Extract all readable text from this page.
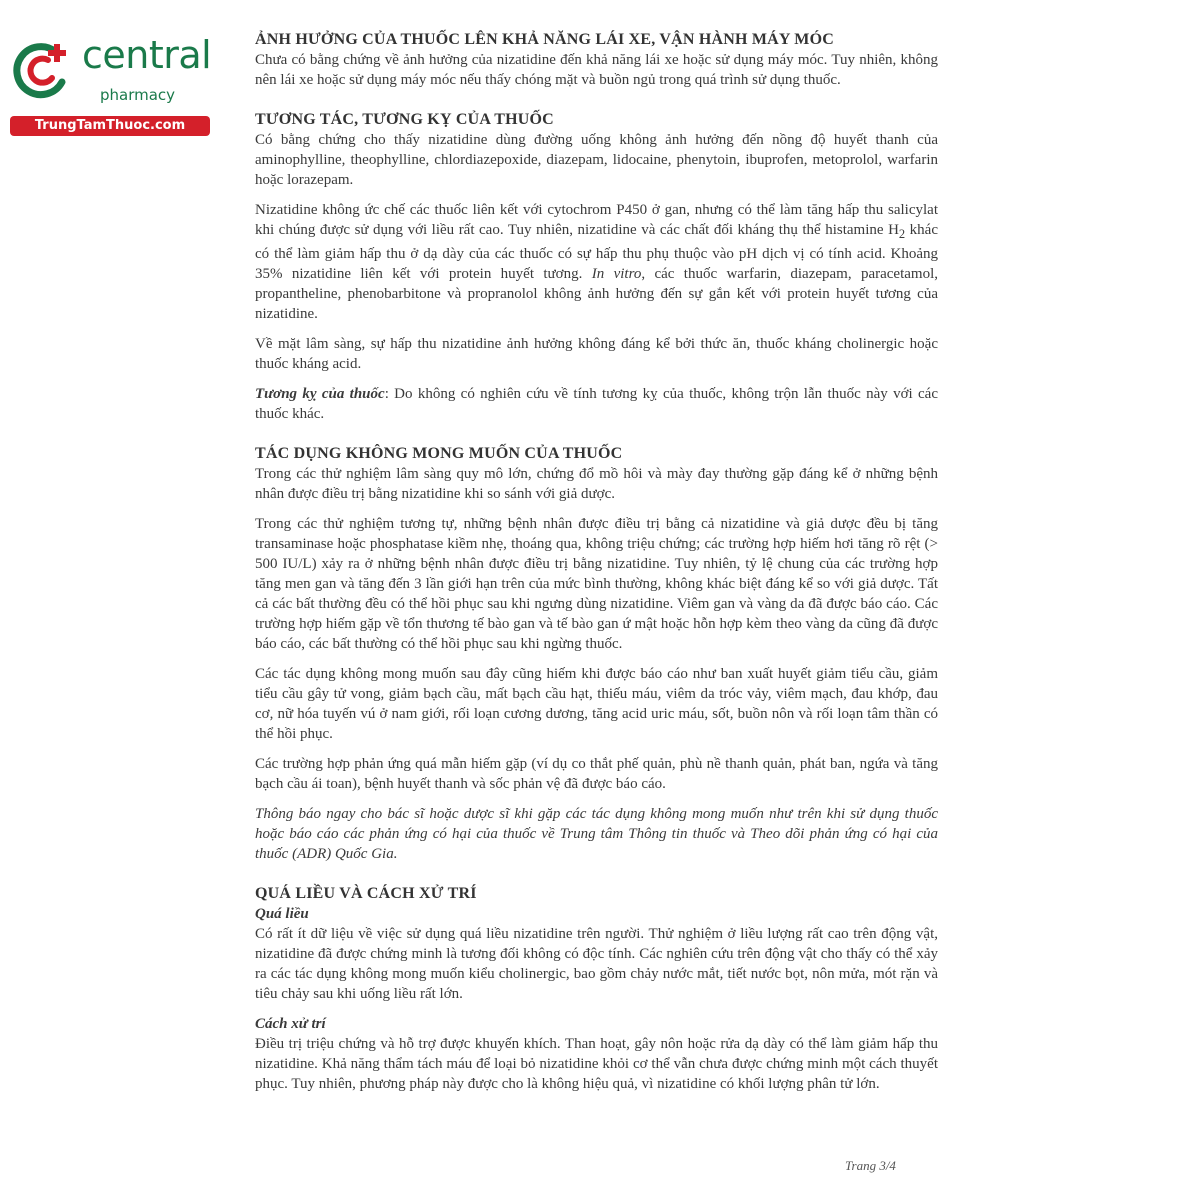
central
pharmacy
TrungTamThuoc.com
ẢNH HƯỞNG CỦA THUỐC LÊN KHẢ NĂNG LÁI XE, VẬN HÀNH MÁY MÓC

Chưa có bằng chứng về ảnh hưởng của nizatidine đến khả năng lái xe hoặc sử dụng máy móc. Tuy nhiên, không nên lái xe hoặc sử dụng máy móc nếu thấy chóng mặt và buồn ngủ trong quá trình sử dụng thuốc.

TƯƠNG TÁC, TƯƠNG KỴ CỦA THUỐC

Có bằng chứng cho thấy nizatidine dùng đường uống không ảnh hưởng đến nồng độ huyết thanh của aminophylline, theophylline, chlordiazepoxide, diazepam, lidocaine, phenytoin, ibuprofen, metoprolol, warfarin hoặc lorazepam.

Nizatidine không ức chế các thuốc liên kết với cytochrom P450 ở gan, nhưng có thể làm tăng hấp thu salicylat khi chúng được sử dụng với liều rất cao. Tuy nhiên, nizatidine và các chất đối kháng thụ thể histamine $H_2$ khác có thể làm giảm hấp thu ở dạ dày của các thuốc có sự hấp thu phụ thuộc vào pH dịch vị có tính acid. Khoảng 35% nizatidine liên kết với protein huyết tương. In vitro, các thuốc warfarin, diazepam, paracetamol, propantheline, phenobarbitone và propranolol không ảnh hưởng đến sự gắn kết với protein huyết tương của nizatidine.

Về mặt lâm sàng, sự hấp thu nizatidine ảnh hưởng không đáng kể bởi thức ăn, thuốc kháng cholinergic hoặc thuốc kháng acid.

Tương kỵ của thuốc: Do không có nghiên cứu về tính tương kỵ của thuốc, không trộn lẫn thuốc này với các thuốc khác.

TÁC DỤNG KHÔNG MONG MUỐN CỦA THUỐC

Trong các thử nghiệm lâm sàng quy mô lớn, chứng đổ mồ hôi và mày đay thường gặp đáng kể ở những bệnh nhân được điều trị bằng nizatidine khi so sánh với giả dược.

Trong các thử nghiệm tương tự, những bệnh nhân được điều trị bằng cả nizatidine và giả dược đều bị tăng transaminase hoặc phosphatase kiềm nhẹ, thoáng qua, không triệu chứng; các trường hợp hiếm hơi tăng rõ rệt (> 500 IU/L) xảy ra ở những bệnh nhân được điều trị bằng nizatidine. Tuy nhiên, tỷ lệ chung của các trường hợp tăng men gan và tăng đến 3 lần giới hạn trên của mức bình thường, không khác biệt đáng kể so với giả dược. Tất cả các bất thường đều có thể hồi phục sau khi ngưng dùng nizatidine. Viêm gan và vàng da đã được báo cáo. Các trường hợp hiếm gặp về tổn thương tế bào gan và tế bào gan ứ mật hoặc hỗn hợp kèm theo vàng da cũng đã được báo cáo, các bất thường có thể hồi phục sau khi ngừng thuốc.

Các tác dụng không mong muốn sau đây cũng hiếm khi được báo cáo như ban xuất huyết giảm tiểu cầu, giảm tiểu cầu gây tử vong, giảm bạch cầu, mất bạch cầu hạt, thiếu máu, viêm da tróc vảy, viêm mạch, đau khớp, đau cơ, nữ hóa tuyến vú ở nam giới, rối loạn cương dương, tăng acid uric máu, sốt, buồn nôn và rối loạn tâm thần có thể hồi phục.

Các trường hợp phản ứng quá mẫn hiếm gặp (ví dụ co thắt phế quản, phù nề thanh quản, phát ban, ngứa và tăng bạch cầu ái toan), bệnh huyết thanh và sốc phản vệ đã được báo cáo.

Thông báo ngay cho bác sĩ hoặc dược sĩ khi gặp các tác dụng không mong muốn như trên khi sử dụng thuốc hoặc báo cáo các phản ứng có hại của thuốc về Trung tâm Thông tin thuốc và Theo dõi phản ứng có hại của thuốc (ADR) Quốc Gia.

QUÁ LIỀU VÀ CÁCH XỬ TRÍ
Quá liều

Có rất ít dữ liệu về việc sử dụng quá liều nizatidine trên người. Thử nghiệm ở liều lượng rất cao trên động vật, nizatidine đã được chứng minh là tương đối không có độc tính. Các nghiên cứu trên động vật cho thấy có thể xảy ra các tác dụng không mong muốn kiểu cholinergic, bao gồm chảy nước mắt, tiết nước bọt, nôn mửa, mót rặn và tiêu chảy sau khi uống liều rất lớn.

Cách xử trí

Điều trị triệu chứng và hỗ trợ được khuyến khích. Than hoạt, gây nôn hoặc rửa dạ dày có thể làm giảm hấp thu nizatidine. Khả năng thẩm tách máu để loại bỏ nizatidine khỏi cơ thể vẫn chưa được chứng minh một cách thuyết phục. Tuy nhiên, phương pháp này được cho là không hiệu quả, vì nizatidine có khối lượng phân tử lớn.

Trang 3/4
